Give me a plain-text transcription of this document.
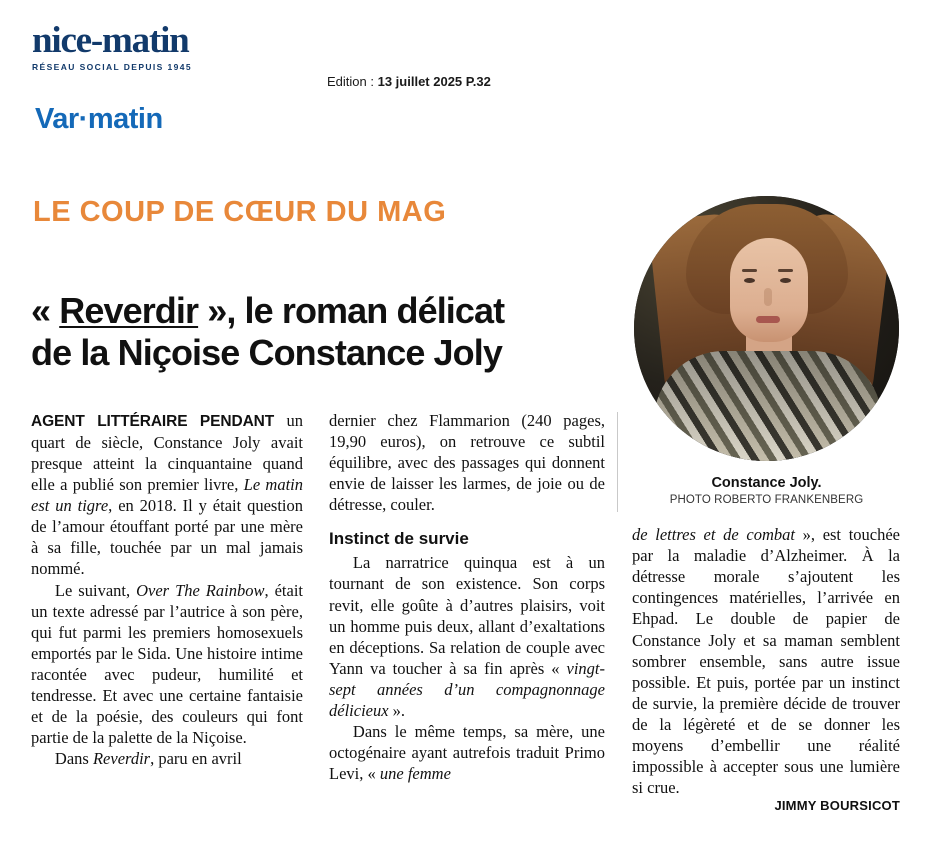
nice-matin
RÉSEAU SOCIAL DEPUIS 1945
Var·matin
Edition : 13 juillet 2025 P.32
LE COUP DE CŒUR DU MAG
« Reverdir », le roman délicat
de la Niçoise Constance Joly
Constance Joly.
PHOTO ROBERTO FRANKENBERG

AGENT LITTÉRAIRE PENDANT un quart de siècle, Constance Joly avait presque atteint la cinquantaine quand elle a publié son premier livre, Le matin est un tigre, en 2018. Il y était question de l’amour étouffant porté par une mère à sa fille, touchée par un mal jamais nommé.

Le suivant, Over The Rainbow, était un texte adressé par l’autrice à son père, qui fut parmi les premiers homosexuels emportés par le Sida. Une histoire intime racontée avec pudeur, humilité et tendresse. Et avec une certaine fantaisie et de la poésie, des couleurs qui font partie de la palette de la Niçoise.

Dans Reverdir, paru en avril

dernier chez Flammarion (240 pages, 19,90 euros), on retrouve ce subtil équilibre, avec des passages qui donnent envie de laisser les larmes, de joie ou de détresse, couler.

Instinct de survie

La narratrice quinqua est à un tournant de son existence. Son corps revit, elle goûte à d’autres plaisirs, voit un homme puis deux, allant d’exaltations en déceptions. Sa relation de couple avec Yann va toucher à sa fin après « vingt-sept années d’un compagnonnage délicieux ».

Dans le même temps, sa mère, une octogénaire ayant autrefois traduit Primo Levi, « une femme

de lettres et de combat », est touchée par la maladie d’Alzheimer. À la détresse morale s’ajoutent les contingences matérielles, l’arrivée en Ehpad. Le double de papier de Constance Joly et sa maman semblent sombrer ensemble, sans autre issue possible. Et puis, portée par un instinct de survie, la première décide de trouver de la légèreté et de se donner les moyens d’embellir une réalité impossible à accepter sous une lumière si crue.

JIMMY BOURSICOT
